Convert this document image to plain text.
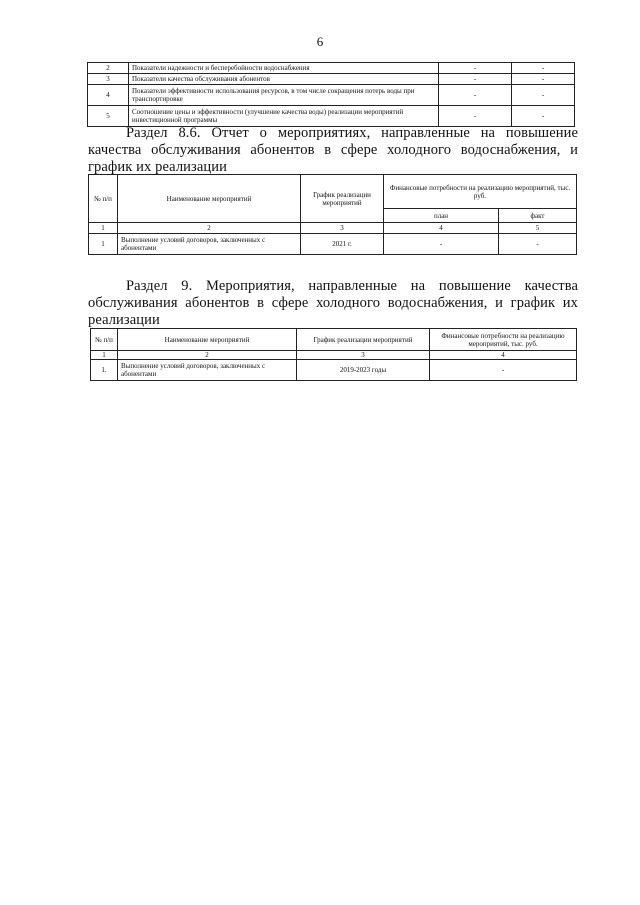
6
2	Показатели надежности и бесперебойности водоснабжения	-	-
3	Показатели качества обслуживания абонентов	-	-
4	Показатели эффективности использования ресурсов, в том числе сокращения потерь воды при транспортировке	-	-
5	Соотношение цены и эффективности (улучшение качества воды) реализации мероприятий инвестиционной программы	-	-
Раздел 8.6. Отчет о мероприятиях, направленные на повышение качества обслуживания абонентов в сфере холодного водоснабжения, и график их реализации
№ п/п	Наименование мероприятий	График реализации мероприятий	Финансовые потребности на реализацию мероприятий, тыс. руб.	
			план	факт
1	2	3	4	5
1	Выполнение условий договоров, заключенных с абонентами	2021 г.	-	-
Раздел 9. Мероприятия, направленные на повышение качества обслуживания абонентов в сфере холодного водоснабжения, и график их реализации
№ п/п	Наименование мероприятий	График реализации мероприятий	Финансовые потребности на реализацию мероприятий, тыс. руб.
1	2	3	4
1.	Выполнение условий договоров, заключенных с абонентами	2019-2023 годы	-
